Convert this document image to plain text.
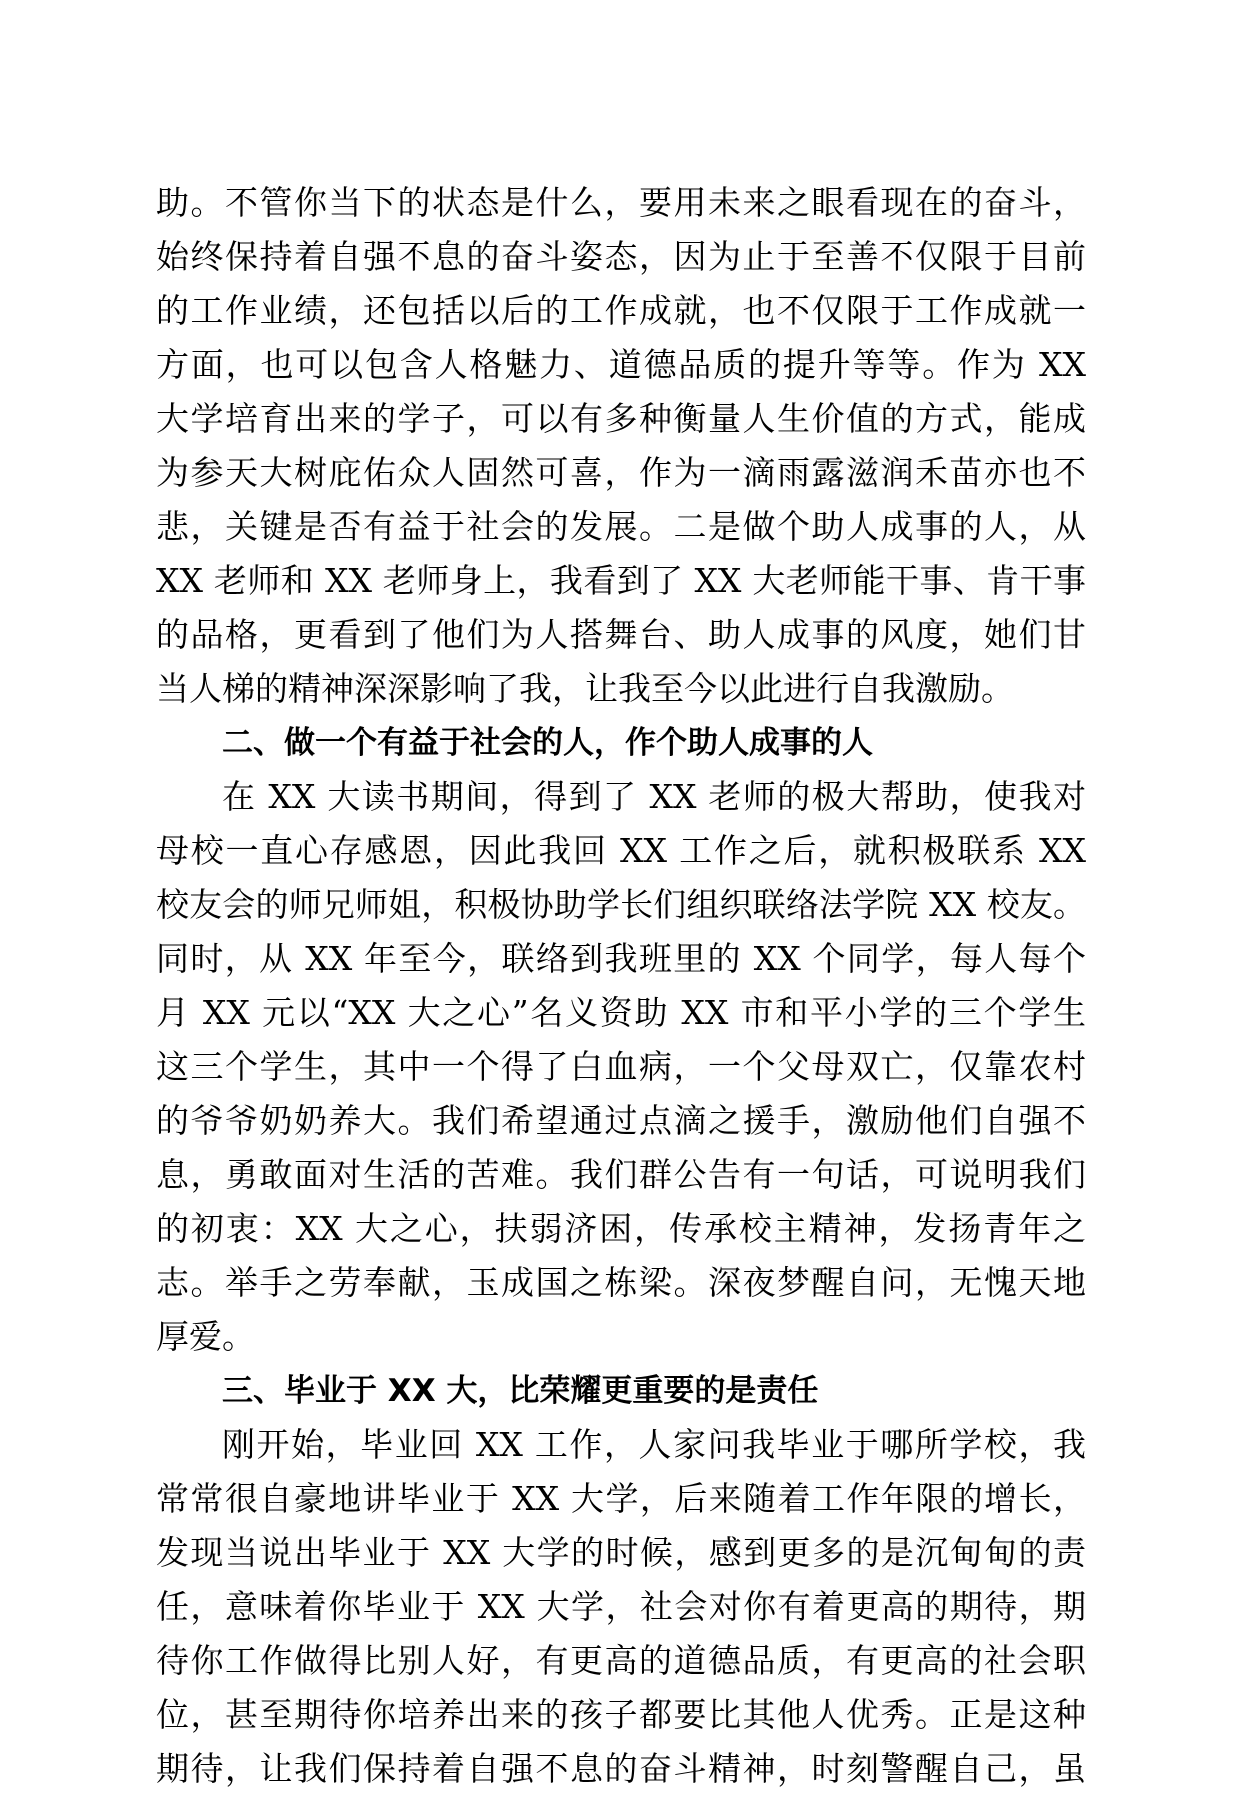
助。不管你当下的状态是什么，要用未来之眼看现在的奋斗，
始终保持着自强不息的奋斗姿态，因为止于至善不仅限于目前
的工作业绩，还包括以后的工作成就，也不仅限于工作成就一
方面，也可以包含人格魅力、道德品质的提升等等。作为 XX
大学培育出来的学子，可以有多种衡量人生价值的方式，能成
为参天大树庇佑众人固然可喜，作为一滴雨露滋润禾苗亦也不
悲，关键是否有益于社会的发展。二是做个助人成事的人，从
XX 老师和 XX 老师身上，我看到了 XX 大老师能干事、肯干事
的品格，更看到了他们为人搭舞台、助人成事的风度，她们甘
当人梯的精神深深影响了我，让我至今以此进行自我激励。
二、做一个有益于社会的人，作个助人成事的人
在 XX 大读书期间，得到了 XX 老师的极大帮助，使我对
母校一直心存感恩，因此我回 XX 工作之后，就积极联系 XX
校友会的师兄师姐，积极协助学长们组织联络法学院 XX 校友。
同时，从 XX 年至今，联络到我班里的 XX 个同学，每人每个
月 XX 元以“XX 大之心”名义资助 XX 市和平小学的三个学生
这三个学生，其中一个得了白血病，一个父母双亡，仅靠农村
的爷爷奶奶养大。我们希望通过点滴之援手，激励他们自强不
息，勇敢面对生活的苦难。我们群公告有一句话，可说明我们
的初衷：XX 大之心，扶弱济困，传承校主精神，发扬青年之
志。举手之劳奉献，玉成国之栋梁。深夜梦醒自问，无愧天地
厚爱。
三、毕业于 XX 大，比荣耀更重要的是责任
刚开始，毕业回 XX 工作，人家问我毕业于哪所学校，我
常常很自豪地讲毕业于 XX 大学，后来随着工作年限的增长，
发现当说出毕业于 XX 大学的时候，感到更多的是沉甸甸的责
任，意味着你毕业于 XX 大学，社会对你有着更高的期待，期
待你工作做得比别人好，有更高的道德品质，有更高的社会职
位，甚至期待你培养出来的孩子都要比其他人优秀。正是这种
期待，让我们保持着自强不息的奋斗精神，时刻警醒自己，虽
